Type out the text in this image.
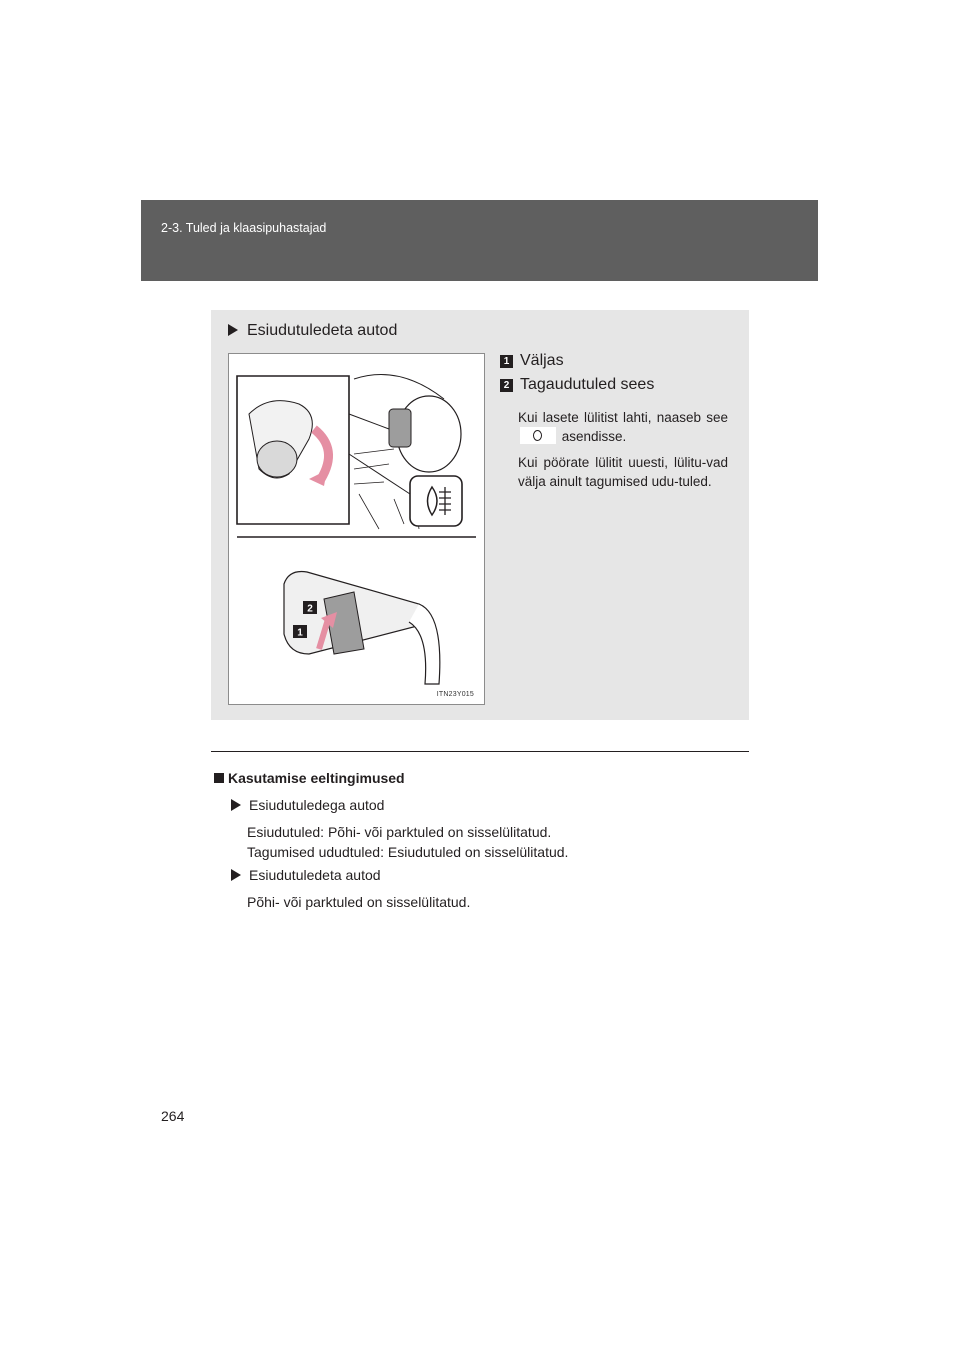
2-3. Tuled ja klaasipuhastajad
Esiudutuledeta autod
2
1
ITN23Y015
1 Väljas
2 Tagaudutuled sees
Kui lasete lülitist lahti, naaseb see
asendisse.
Kui pöörate lülitit uuesti, lülitu-vad välja ainult tagumised udu-tuled.
Kasutamise eeltingimused
Esiudutuledega autod
Esiudutuled: Põhi- või parktuled on sisselülitatud.
Tagumised ududtuled: Esiudutuled on sisselülitatud.
Esiudutuledeta autod
Põhi- või parktuled on sisselülitatud.
264
